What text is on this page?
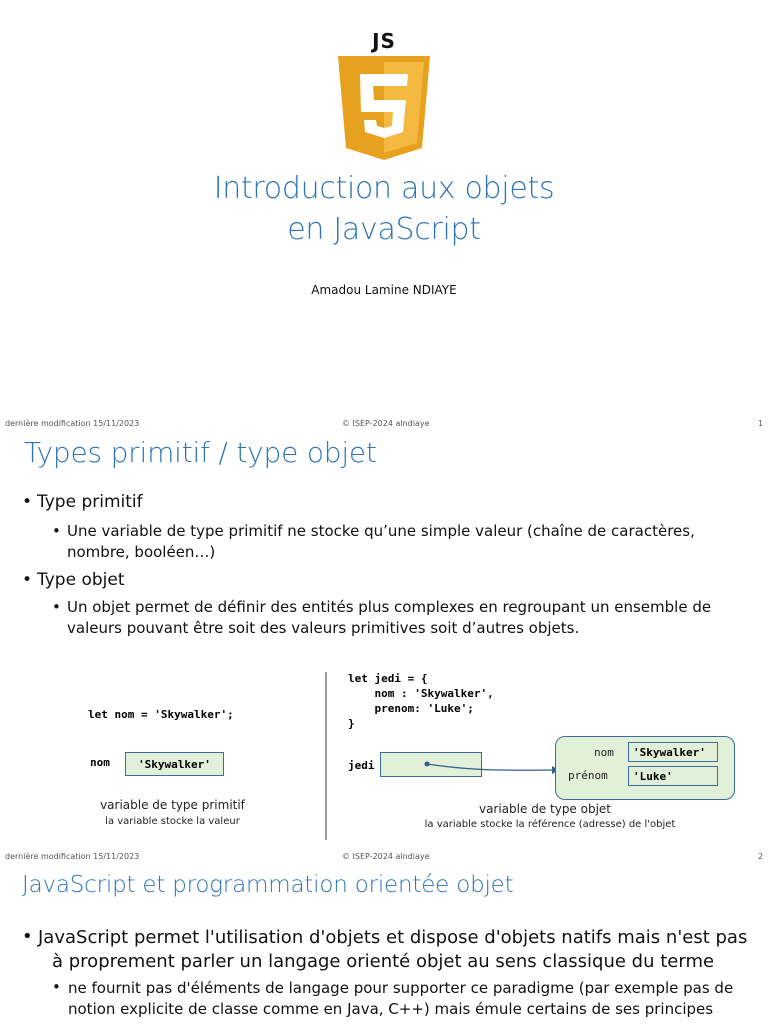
JS
5
Introduction aux objets
en JavaScript
Amadou Lamine NDIAYE
dernière modification 15/11/2023	© ISEP-2024 alndiaye	1
Types primitif / type objet
• Type primitif
• Une variable de type primitif ne stocke qu’une simple valeur (chaîne de caractères,
nombre, booléen…)
• Type objet
• Un objet permet de définir des entités plus complexes en regroupant un ensemble de
valeurs pouvant être soit des valeurs primitives soit d’autres objets.
let nom = 'Skywalker';
nom	'Skywalker'
variable de type primitif
la variable stocke la valeur
let jedi = {
nom : 'Skywalker',
prenom: 'Luke';
}
jedi
nom 'Skywalker'
prénom 'Luke'
variable de type objet
la variable stocke la référence (adresse) de l'objet
dernière modification 15/11/2023	© ISEP-2024 alndiaye	2
JavaScript et programmation orientée objet
• JavaScript permet l'utilisation d'objets et dispose d'objets natifs mais n'est pas
à proprement parler un langage orienté objet au sens classique du terme
• ne fournit pas d'éléments de langage pour supporter ce paradigme (par exemple pas de
notion explicite de classe comme en Java, C++) mais émule certains de ses principes
